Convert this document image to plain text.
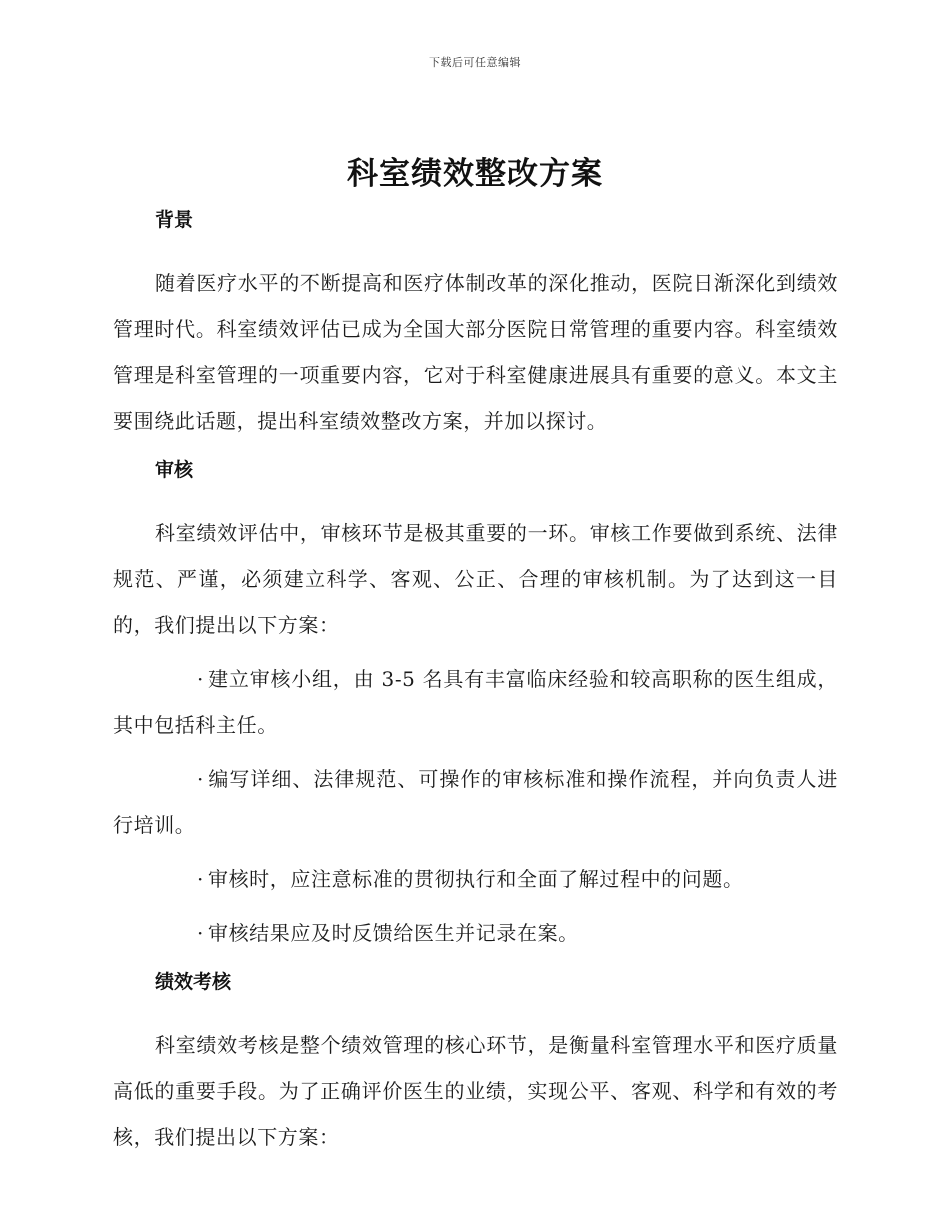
下载后可任意编辑
科室绩效整改方案
背景

随着医疗水平的不断提高和医疗体制改革的深化推动，医院日渐深化到绩效管理时代。科室绩效评估已成为全国大部分医院日常管理的重要内容。科室绩效管理是科室管理的一项重要内容，它对于科室健康进展具有重要的意义。本文主要围绕此话题，提出科室绩效整改方案，并加以探讨。

审核

科室绩效评估中，审核环节是极其重要的一环。审核工作要做到系统、法律规范、严谨，必须建立科学、客观、公正、合理的审核机制。为了达到这一目的，我们提出以下方案：

· 建立审核小组，由 3-5 名具有丰富临床经验和较高职称的医生组成，其中包括科主任。

· 编写详细、法律规范、可操作的审核标准和操作流程，并向负责人进行培训。

· 审核时，应注意标准的贯彻执行和全面了解过程中的问题。

· 审核结果应及时反馈给医生并记录在案。

绩效考核

科室绩效考核是整个绩效管理的核心环节，是衡量科室管理水平和医疗质量高低的重要手段。为了正确评价医生的业绩，实现公平、客观、科学和有效的考核，我们提出以下方案：
